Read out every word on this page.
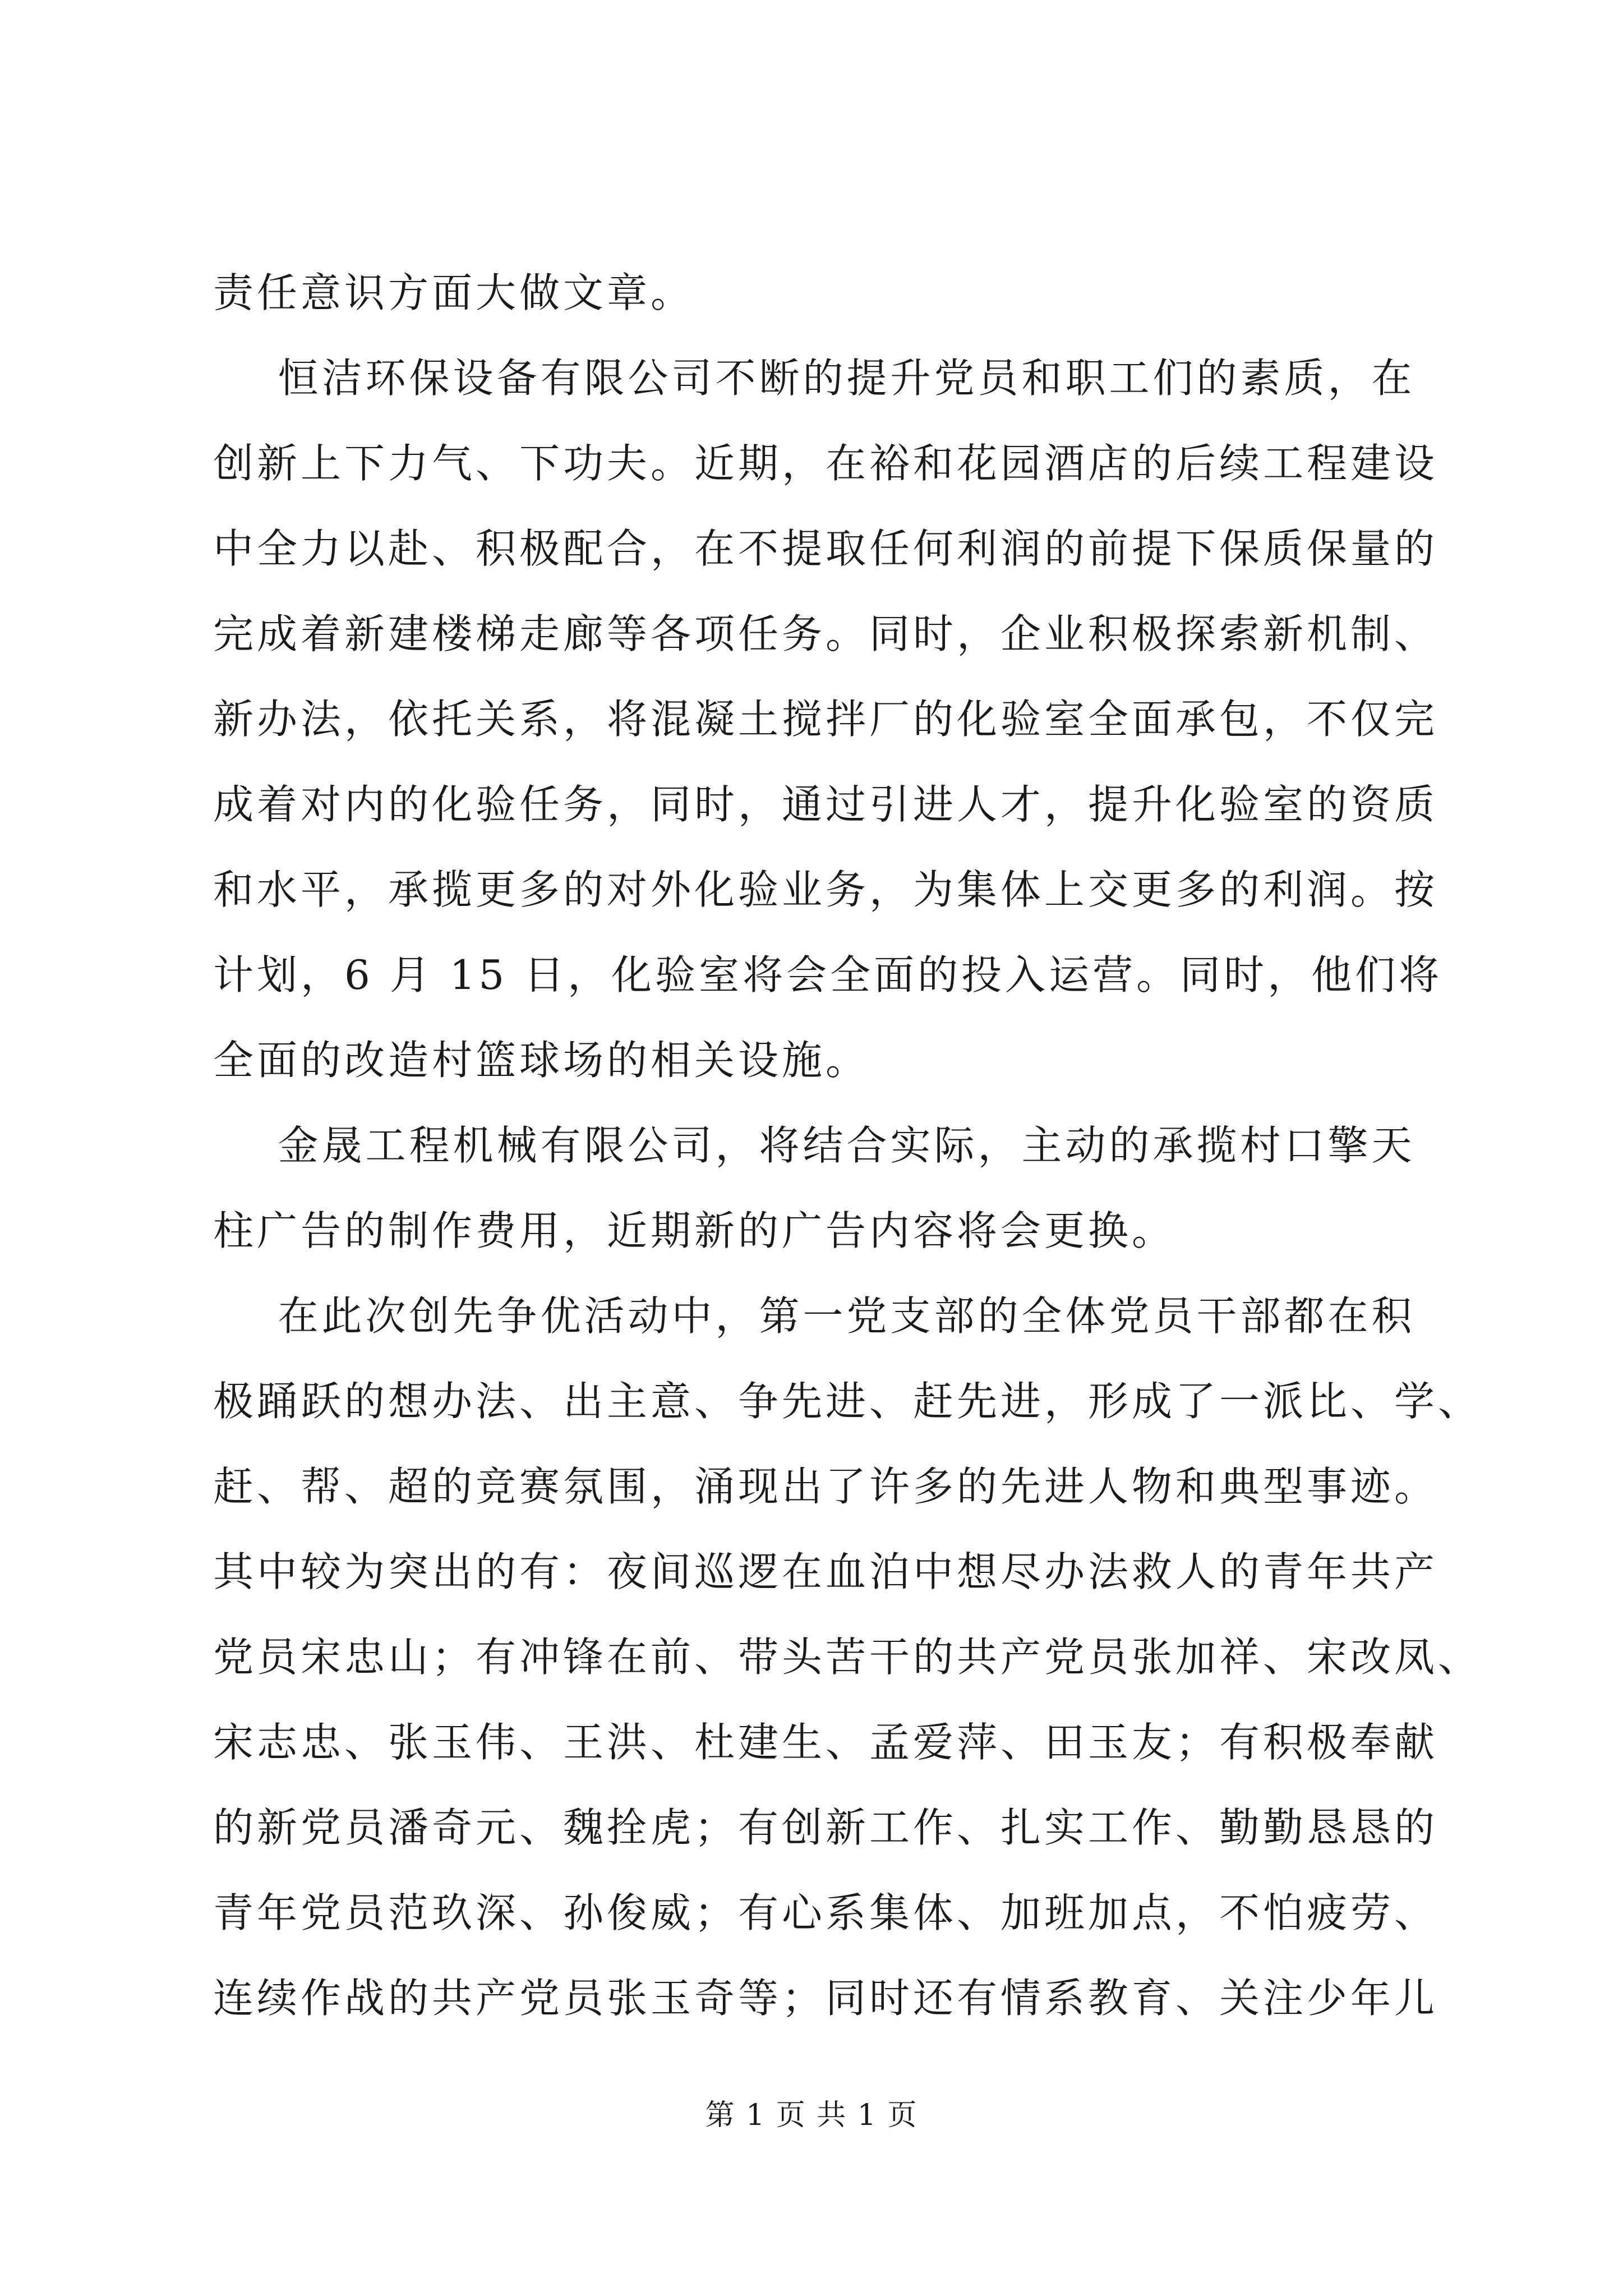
责任意识方面大做文章。
恒洁环保设备有限公司不断的提升党员和职工们的素质，在
创新上下力气、下功夫。近期，在裕和花园酒店的后续工程建设
中全力以赴、积极配合，在不提取任何利润的前提下保质保量的
完成着新建楼梯走廊等各项任务。同时，企业积极探索新机制、
新办法，依托关系，将混凝土搅拌厂的化验室全面承包，不仅完
成着对内的化验任务，同时，通过引进人才，提升化验室的资质
和水平，承揽更多的对外化验业务，为集体上交更多的利润。按
计划，6 月 15 日，化验室将会全面的投入运营。同时，他们将
全面的改造村篮球场的相关设施。
金晟工程机械有限公司，将结合实际，主动的承揽村口擎天
柱广告的制作费用，近期新的广告内容将会更换。
在此次创先争优活动中，第一党支部的全体党员干部都在积
极踊跃的想办法、出主意、争先进、赶先进，形成了一派比、学、
赶、帮、超的竞赛氛围，涌现出了许多的先进人物和典型事迹。
其中较为突出的有：夜间巡逻在血泊中想尽办法救人的青年共产
党员宋忠山；有冲锋在前、带头苦干的共产党员张加祥、宋改凤、
宋志忠、张玉伟、王洪、杜建生、孟爱萍、田玉友；有积极奉献
的新党员潘奇元、魏拴虎；有创新工作、扎实工作、勤勤恳恳的
青年党员范玖深、孙俊威；有心系集体、加班加点，不怕疲劳、
连续作战的共产党员张玉奇等；同时还有情系教育、关注少年儿
第 1 页 共 1 页
